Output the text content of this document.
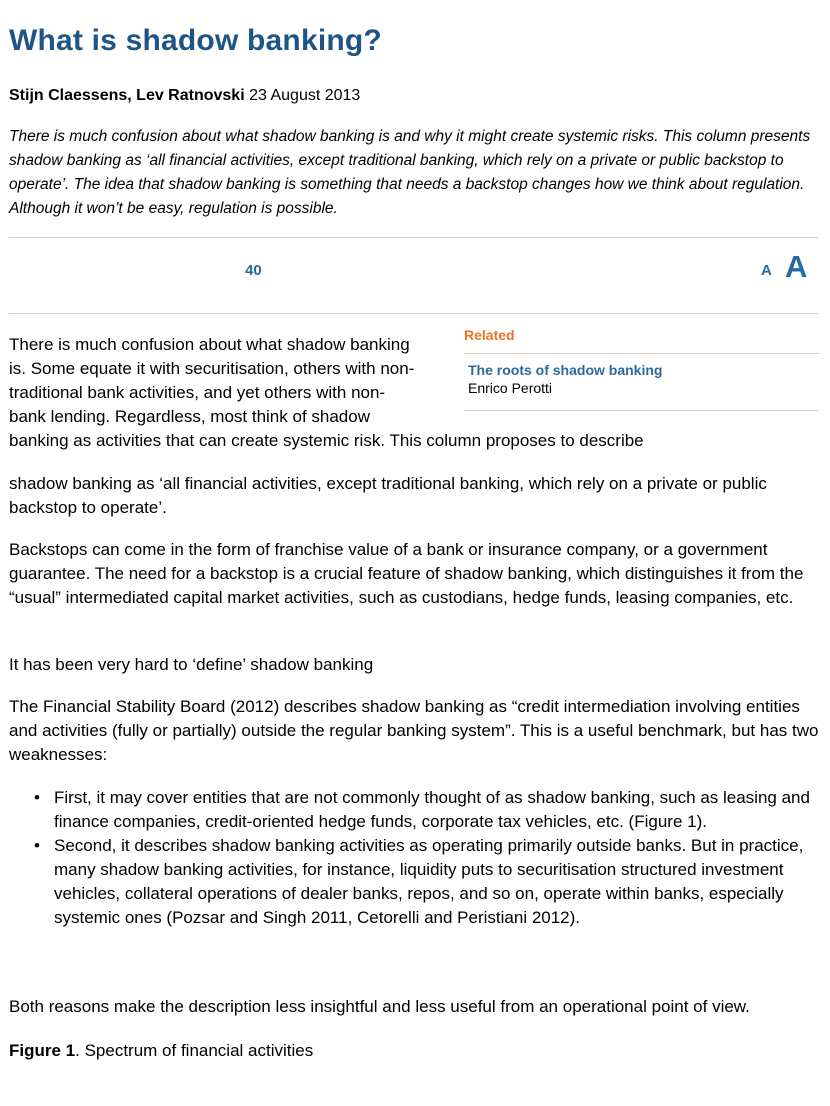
What is shadow banking?
Stijn Claessens, Lev Ratnovski 23 August 2013

There is much confusion about what shadow banking is and why it might create systemic risks. This column presents shadow banking as ‘all financial activities, except traditional banking, which rely on a private or public backstop to operate’. The idea that shadow banking is something that needs a backstop changes how we think about regulation. Although it won’t be easy, regulation is possible.

40	A A
Related
The roots of shadow banking
Enrico Perotti
There is much confusion about what shadow banking
is. Some equate it with securitisation, others with non-
traditional bank activities, and yet others with non-
bank lending. Regardless, most think of shadow
banking as activities that can create systemic risk. This column proposes to describe

shadow banking as ‘all financial activities, except traditional banking, which rely on a private or public backstop to operate’.

Backstops can come in the form of franchise value of a bank or insurance company, or a government guarantee. The need for a backstop is a crucial feature of shadow banking, which distinguishes it from the “usual” intermediated capital market activities, such as custodians, hedge funds, leasing companies, etc.

It has been very hard to ‘define’ shadow banking

The Financial Stability Board (2012) describes shadow banking as “credit intermediation involving entities and activities (fully or partially) outside the regular banking system”. This is a useful benchmark, but has two weaknesses:

• First, it may cover entities that are not commonly thought of as shadow banking, such as leasing and finance companies, credit-oriented hedge funds, corporate tax vehicles, etc. (Figure 1).
• Second, it describes shadow banking activities as operating primarily outside banks. But in practice, many shadow banking activities, for instance, liquidity puts to securitisation structured investment vehicles, collateral operations of dealer banks, repos, and so on, operate within banks, especially systemic ones (Pozsar and Singh 2011, Cetorelli and Peristiani 2012).

Both reasons make the description less insightful and less useful from an operational point of view.

Figure 1. Spectrum of financial activities
